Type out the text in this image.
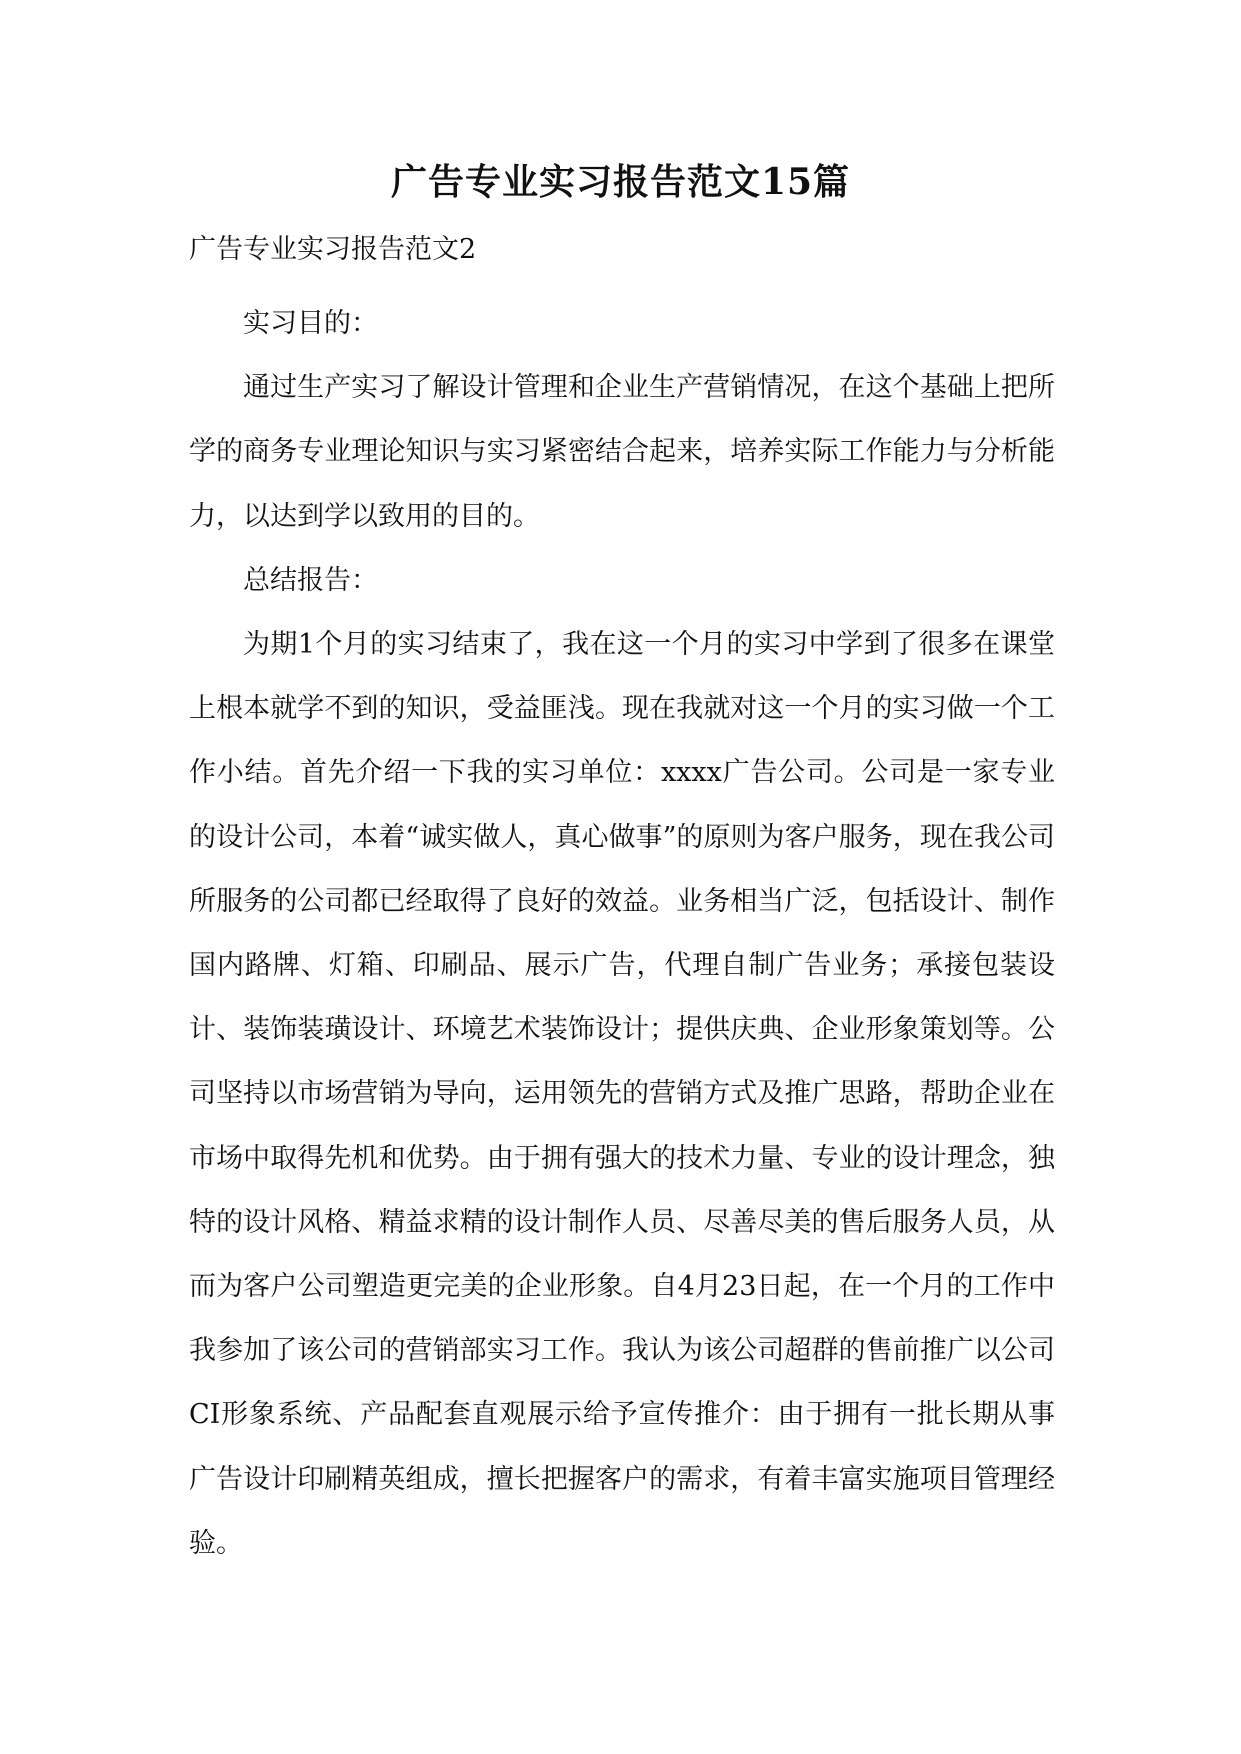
广告专业实习报告范文15篇
广告专业实习报告范文2

实习目的：

通过生产实习了解设计管理和企业生产营销情况，在这个基础上把所学的商务专业理论知识与实习紧密结合起来，培养实际工作能力与分析能力，以达到学以致用的目的。

总结报告：

为期1个月的实习结束了，我在这一个月的实习中学到了很多在课堂上根本就学不到的知识，受益匪浅。现在我就对这一个月的实习做一个工作小结。首先介绍一下我的实习单位：xxxx广告公司。公司是一家专业的设计公司，本着“诚实做人，真心做事”的原则为客户服务，现在我公司所服务的公司都已经取得了良好的效益。业务相当广泛，包括设计、制作国内路牌、灯箱、印刷品、展示广告，代理自制广告业务；承接包装设计、装饰装璜设计、环境艺术装饰设计；提供庆典、企业形象策划等。公司坚持以市场营销为导向，运用领先的营销方式及推广思路，帮助企业在市场中取得先机和优势。由于拥有强大的技术力量、专业的设计理念，独特的设计风格、精益求精的设计制作人员、尽善尽美的售后服务人员，从而为客户公司塑造更完美的企业形象。自4月23日起，在一个月的工作中我参加了该公司的营销部实习工作。我认为该公司超群的售前推广以公司CI形象系统、产品配套直观展示给予宣传推介：由于拥有一批长期从事广告设计印刷精英组成，擅长把握客户的需求，有着丰富实施项目管理经验。
